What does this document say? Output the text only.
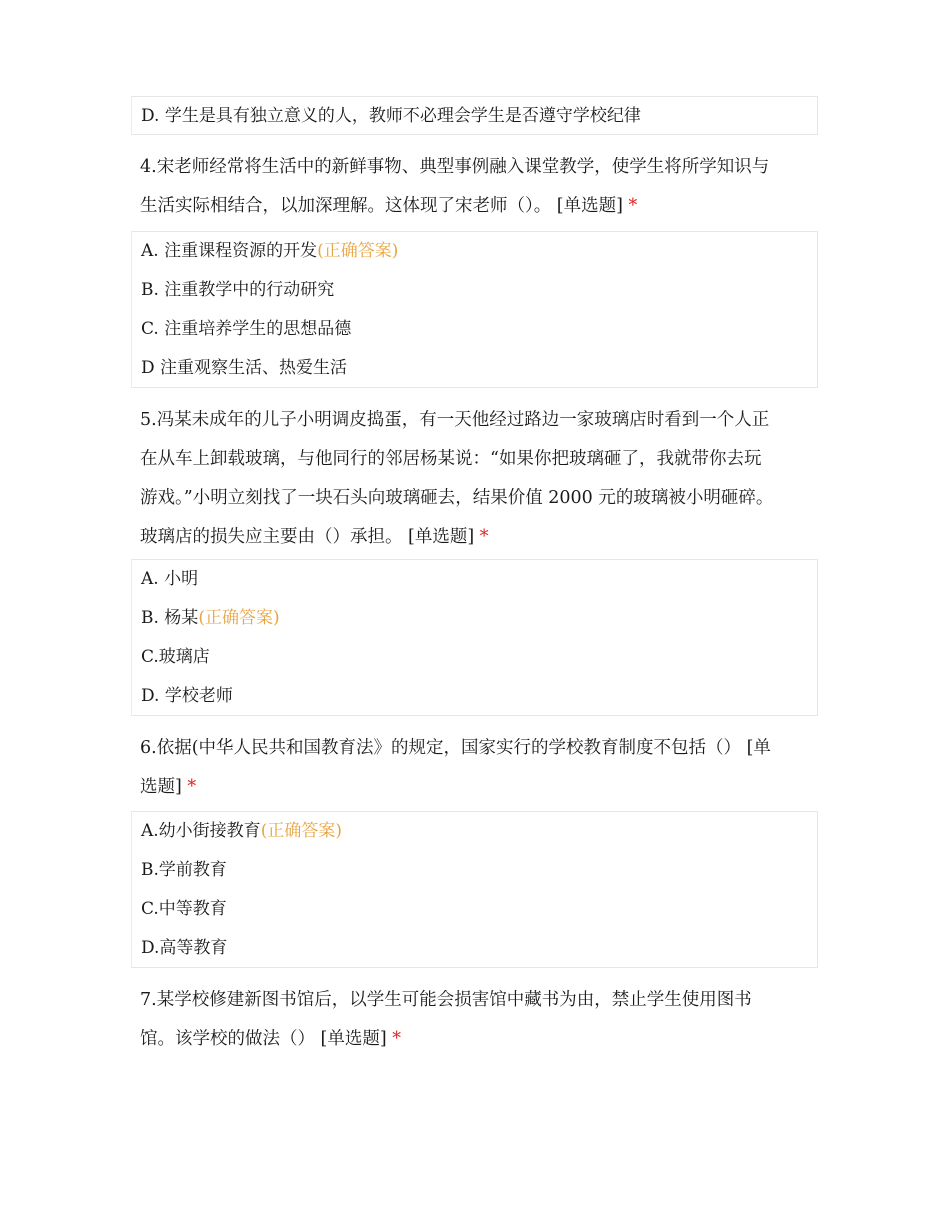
D. 学生是具有独立意义的人，教师不必理会学生是否遵守学校纪律
4.宋老师经常将生活中的新鲜事物、典型事例融入课堂教学，使学生将所学知识与
生活实际相结合，以加深理解。这体现了宋老师（）。 [单选题] *
A. 注重课程资源的开发(正确答案)
B. 注重教学中的行动研究
C. 注重培养学生的思想品德
D 注重观察生活、热爱生活
5.冯某未成年的儿子小明调皮捣蛋，有一天他经过路边一家玻璃店时看到一个人正
在从车上卸载玻璃，与他同行的邻居杨某说：“如果你把玻璃砸了，我就带你去玩
游戏。”小明立刻找了一块石头向玻璃砸去，结果价值 2000 元的玻璃被小明砸碎。
玻璃店的损失应主要由（）承担。 [单选题] *
A. 小明
B. 杨某(正确答案)
C.玻璃店
D. 学校老师
6.依据(中华人民共和国教育法》的规定，国家实行的学校教育制度不包括（） [单
选题] *
A.幼小街接教育(正确答案)
B.学前教育
C.中等教育
D.高等教育
7.某学校修建新图书馆后，以学生可能会损害馆中藏书为由，禁止学生使用图书
馆。该学校的做法（） [单选题] *
